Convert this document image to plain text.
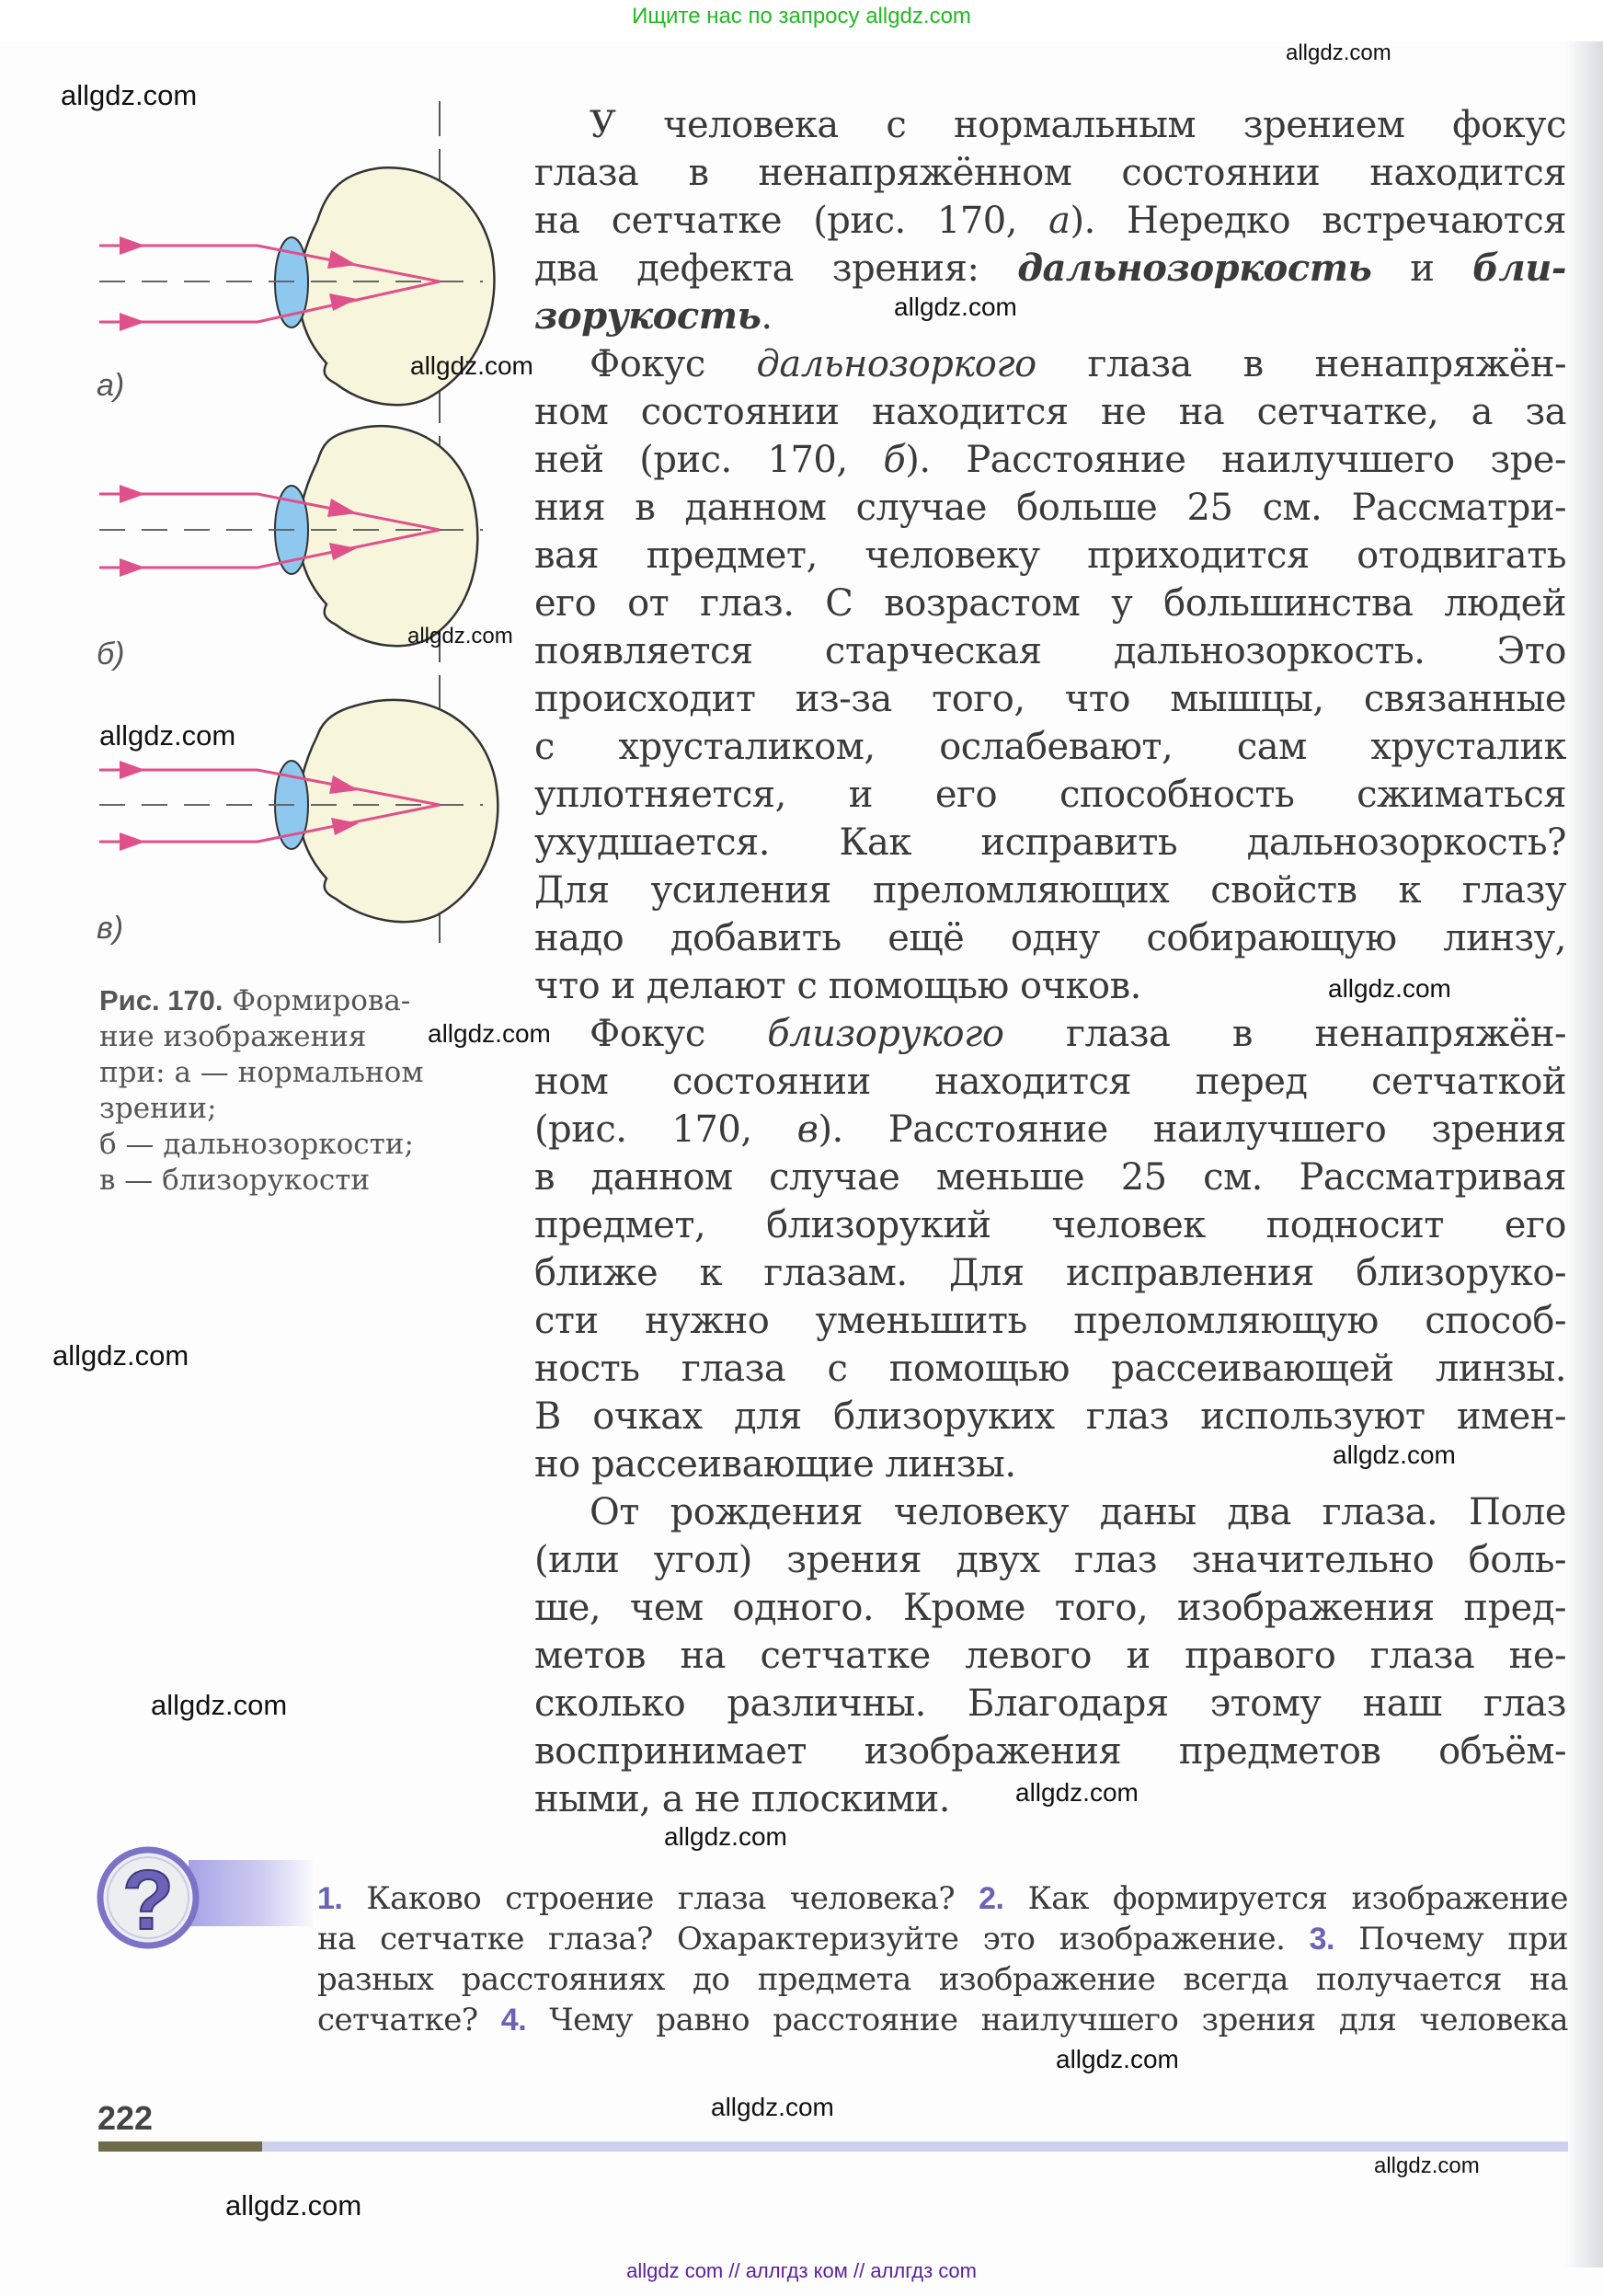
Ищите нас по запросу allgdz.com
а)
б)
в)
Рис. 170. Формирова-
ние изображения
при: а — нормальном
зрении;
б — дальнозоркости;
в — близорукости
У человека с нормальным зрением фокус
глаза в ненапряжённом состоянии находится
на сетчатке (рис. 170, а). Нередко встречаются
два дефекта зрения: дальнозоркость и бли-
зорукость.
Фокус дальнозоркого глаза в ненапряжён-
ном состоянии находится не на сетчатке, а за
ней (рис. 170, б). Расстояние наилучшего зре-
ния в данном случае больше 25 см. Рассматри-
вая предмет, человеку приходится отодвигать
его от глаз. С возрастом у большинства людей
появляется старческая дальнозоркость. Это
происходит из-за того, что мышцы, связанные
с хрусталиком, ослабевают, сам хрусталик
уплотняется, и его способность сжиматься
ухудшается. Как исправить дальнозоркость?
Для усиления преломляющих свойств к глазу
надо добавить ещё одну собирающую линзу,
что и делают с помощью очков.
Фокус близорукого глаза в ненапряжён-
ном состоянии находится перед сетчаткой
(рис. 170, в). Расстояние наилучшего зрения
в данном случае меньше 25 см. Рассматривая
предмет, близорукий человек подносит его
ближе к глазам. Для исправления близоруко-
сти нужно уменьшить преломляющую способ-
ность глаза с помощью рассеивающей линзы.
В очках для близоруких глаз используют имен-
но рассеивающие линзы.
От рождения человеку даны два глаза. Поле
(или угол) зрения двух глаз значительно боль-
ше, чем одного. Кроме того, изображения пред-
метов на сетчатке левого и правого глаза не-
сколько различны. Благодаря этому наш глаз
воспринимает изображения предметов объём-
ными, а не плоскими.
?	1. Каково строение глаза человека? 2. Как формируется изображение
на сетчатке глаза? Охарактеризуйте это изображение. 3. Почему при
разных расстояниях до предмета изображение всегда получается на
сетчатке? 4. Чему равно расстояние наилучшего зрения для человека
222
allgdz com // аллгдз ком // аллгдз com
allgdz.com
allgdz.com
allgdz.com
allgdz.com
allgdz.com
allgdz.com
allgdz.com
allgdz.com
allgdz.com
allgdz.com
allgdz.com
allgdz.com
allgdz.com
allgdz.com
allgdz.com
allgdz.com
allgdz.com
